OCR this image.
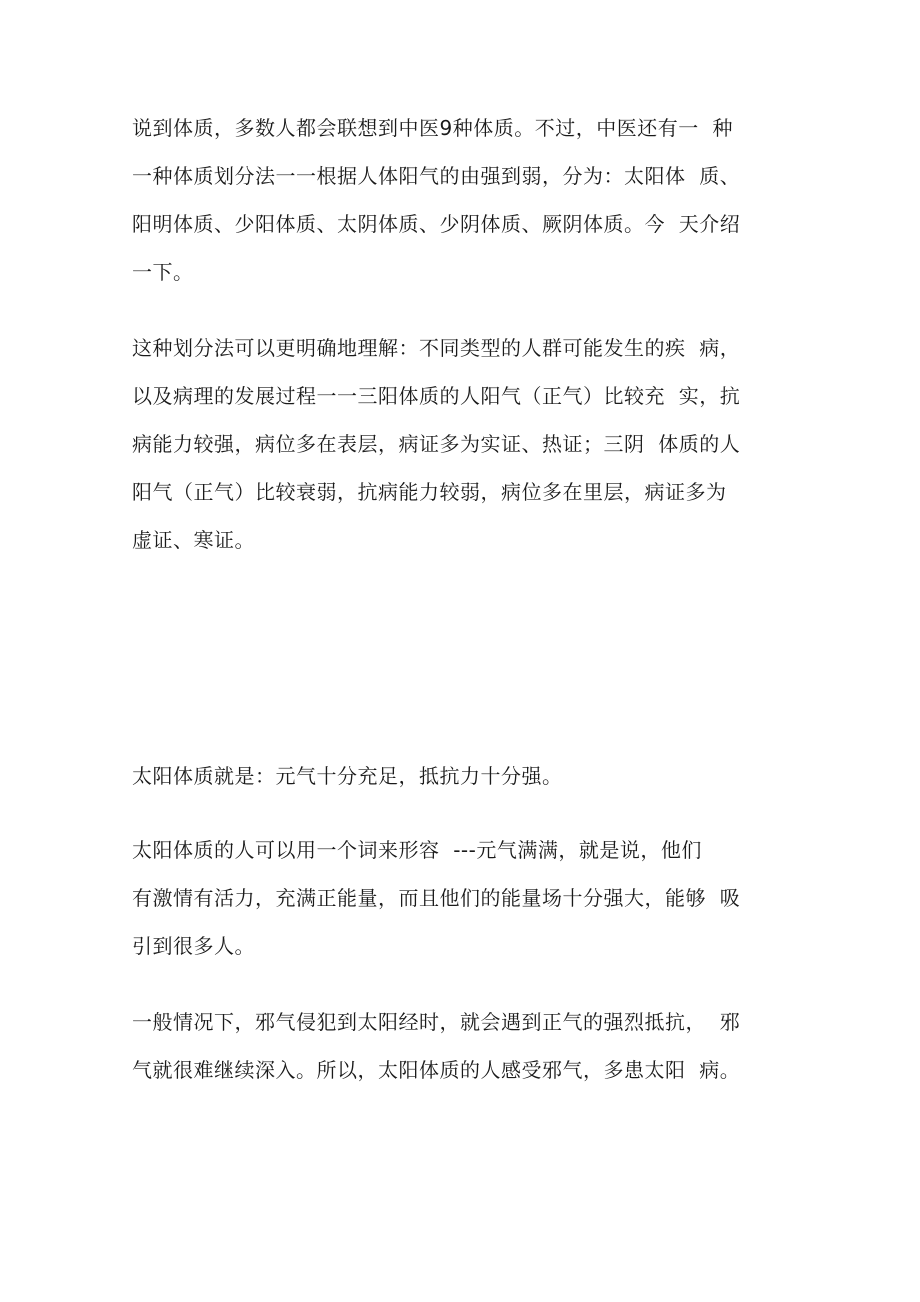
说到体质，多数人都会联想到中医9种体质。不过，中医还有一  种
一种体质划分法一一根据人体阳气的由强到弱，分为：太阳体  质、
阳明体质、少阳体质、太阴体质、少阴体质、厥阴体质。今  天介绍
一下。
这种划分法可以更明确地理解：不同类型的人群可能发生的疾  病，
以及病理的发展过程一一三阳体质的人阳气（正气）比较充  实，抗
病能力较强，病位多在表层，病证多为实证、热证；三阴  体质的人
阳气（正气）比较衰弱，抗病能力较弱，病位多在里层，病证多为
虚证、寒证。
太阳体质就是：元气十分充足，抵抗力十分强。
太阳体质的人可以用一个词来形容  ---元气满满，就是说，他们
有激情有活力，充满正能量，而且他们的能量场十分强大，能够  吸
引到很多人。
一般情况下，邪气侵犯到太阳经时，就会遇到正气的强烈抵抗，  邪
气就很难继续深入。所以，太阳体质的人感受邪气，多患太阳  病。
